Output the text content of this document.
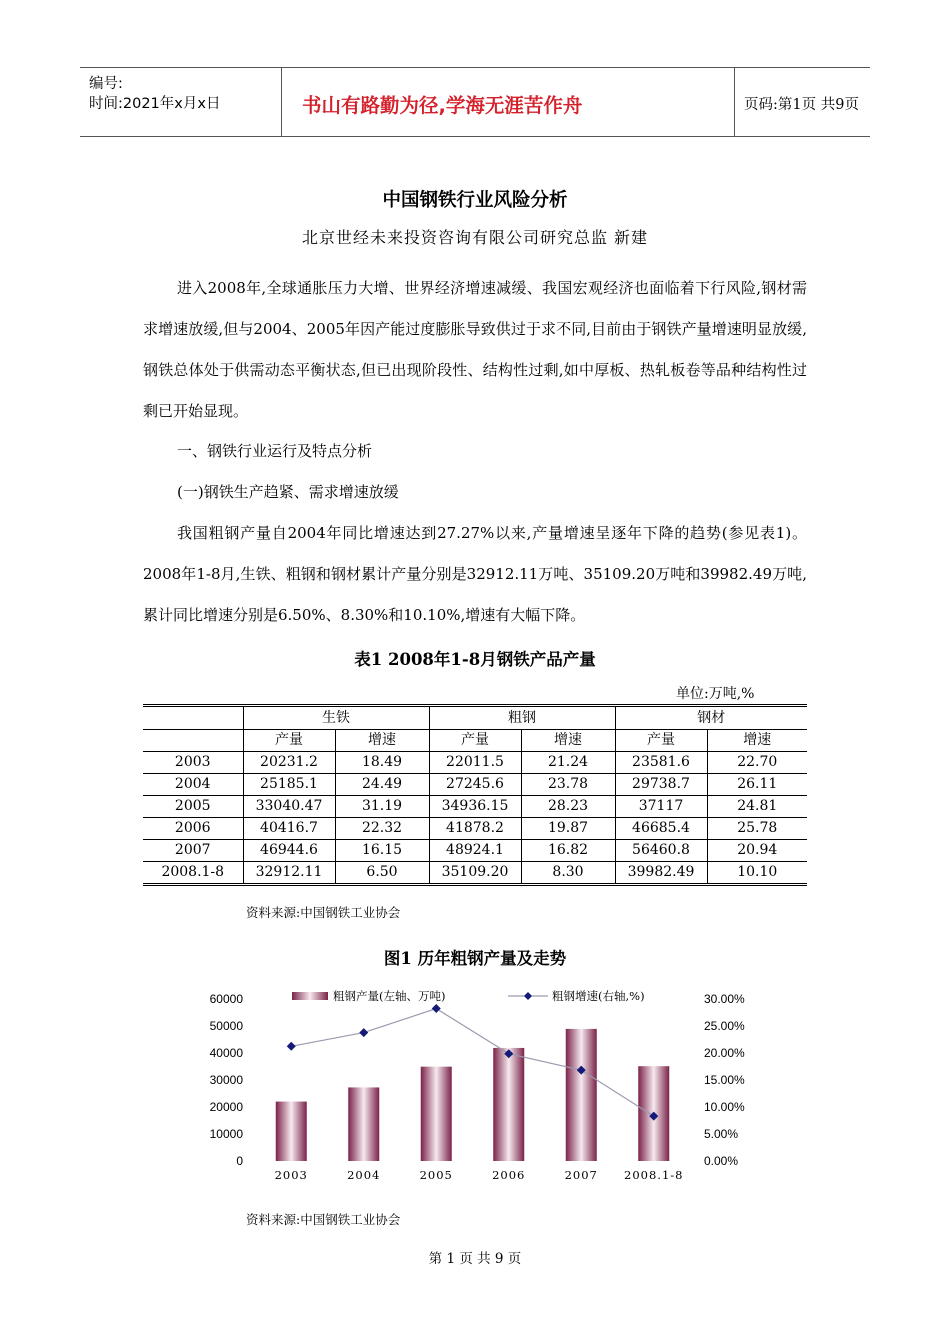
编号:
时间:2021年x月x日	书山有路勤为径,学海无涯苦作舟	页码:第1页 共9页
中国钢铁行业风险分析
北京世经未来投资咨询有限公司研究总监 新建
进入2008年,全球通胀压力大增、世界经济增速减缓、我国宏观经济也面临着下行风险,钢材需求增速放缓,但与2004、2005年因产能过度膨胀导致供过于求不同,目前由于钢铁产量增速明显放缓,钢铁总体处于供需动态平衡状态,但已出现阶段性、结构性过剩,如中厚板、热轧板卷等品种结构性过剩已开始显现。
一、钢铁行业运行及特点分析
(一)钢铁生产趋紧、需求增速放缓
我国粗钢产量自2004年同比增速达到27.27%以来,产量增速呈逐年下降的趋势(参见表1)。2008年1-8月,生铁、粗钢和钢材累计产量分别是32912.11万吨、35109.20万吨和39982.49万吨,累计同比增速分别是6.50%、8.30%和10.10%,增速有大幅下降。
表1 2008年1-8月钢铁产品产量
单位:万吨,%
	生铁		粗钢		钢材	
	产量	增速	产量	增速	产量	增速
2003	20231.2	18.49	22011.5	21.24	23581.6	22.70
2004	25185.1	24.49	27245.6	23.78	29738.7	26.11
2005	33040.47	31.19	34936.15	28.23	37117	24.81
2006	40416.7	22.32	41878.2	19.87	46685.4	25.78
2007	46944.6	16.15	48924.1	16.82	56460.8	20.94
2008.1-8	32912.11	6.50	35109.20	8.30	39982.49	10.10
资料来源:中国钢铁工业协会
图1 历年粗钢产量及走势
0
10000
20000
30000
40000
50000
60000
0.00%
5.00%
10.00%
15.00%
20.00%
25.00%
30.00%
2003	2004	2005	2006	2007 2008.1-8
粗钢产量(左轴、万吨)	粗钢增速(右轴,%)
资料来源:中国钢铁工业协会
第 1 页 共 9 页
